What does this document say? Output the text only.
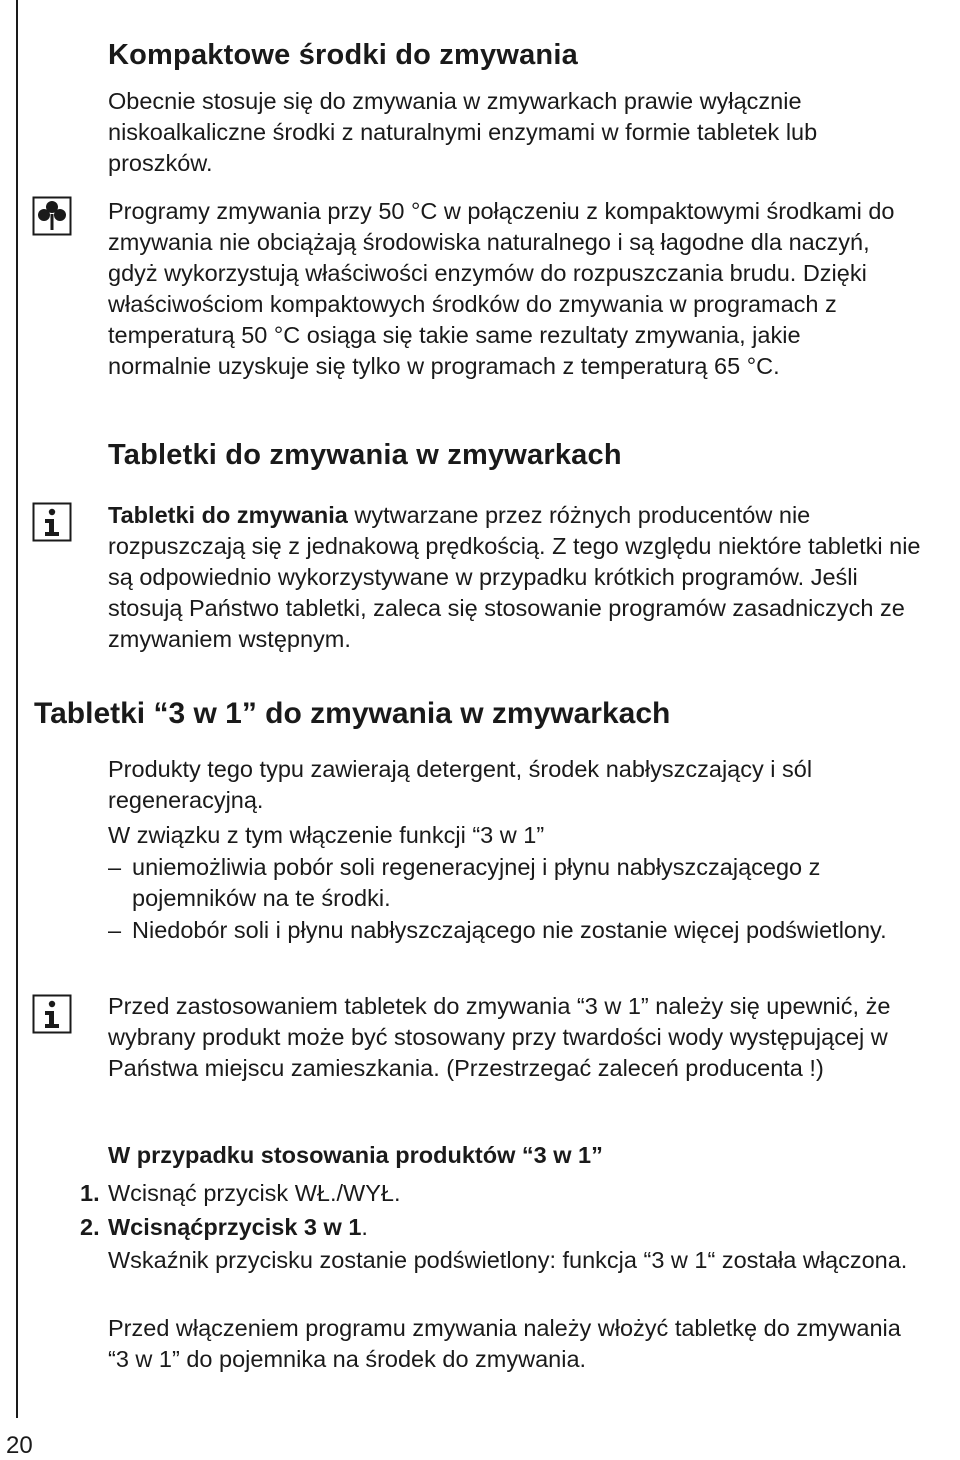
Kompaktowe środki do zmywania

Obecnie stosuje się do zmywania w zmywarkach prawie wyłącznie niskoalkaliczne środki z naturalnymi enzymami w formie tabletek lub proszków.

Programy zmywania przy 50 °C w połączeniu z kompaktowymi środkami do zmywania nie obciążają środowiska naturalnego i są łagodne dla naczyń, gdyż wykorzystują właściwości enzymów do rozpuszczania brudu. Dzięki właściwościom kompaktowych środków do zmywania w programach z temperaturą 50 °C osiąga się takie same rezultaty zmywania, jakie normalnie uzyskuje się tylko w programach z temperaturą 65 °C.

Tabletki do zmywania w zmywarkach

Tabletki do zmywania wytwarzane przez różnych producentów nie rozpuszczają się z jednakową prędkością. Z tego względu niektóre tabletki nie są odpowiednio wykorzystywane w przypadku krótkich programów. Jeśli stosują Państwo tabletki, zaleca się stosowanie programów zasadniczych ze zmywaniem wstępnym.

Tabletki “3 w 1” do zmywania w zmywarkach

Produkty tego typu zawierają detergent, środek nabłyszczający i sól regeneracyjną.

W związku z tym włączenie funkcji “3 w 1”

– uniemożliwia pobór soli regeneracyjnej i płynu nabłyszczającego z pojemników na te środki.
– Niedobór soli i płynu nabłyszczającego nie zostanie więcej podświetlony.

Przed zastosowaniem tabletek do zmywania “3 w 1” należy się upewnić, że wybrany produkt może być stosowany przy twardości wody występującej w Państwa miejscu zamieszkania. (Przestrzegać zaleceń producenta !)

W przypadku stosowania produktów “3 w 1”
1. Wcisnąć przycisk WŁ./WYŁ.

2. Wcisnąćprzycisk 3 w 1.

Wskaźnik przycisku zostanie podświetlony: funkcja “3 w 1“ została włączona.

Przed włączeniem programu zmywania należy włożyć tabletkę do zmywania “3 w 1” do pojemnika na środek do zmywania.

20
